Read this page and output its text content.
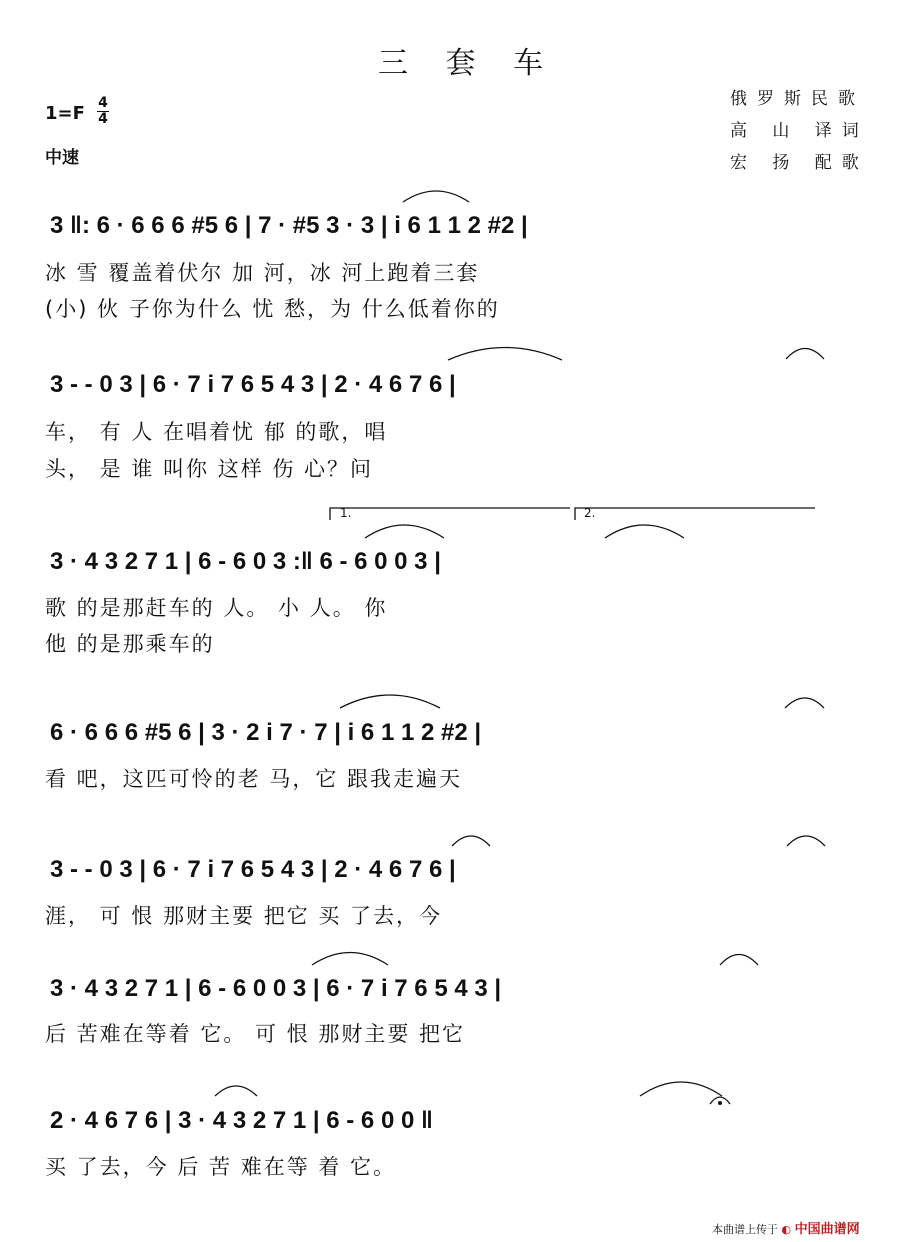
三 套 车
俄罗斯民歌
高 山 译词
宏 扬 配歌
1=F 4
4
中速
3 ‖: 6 · 6 6 6 #5 6 | 7 · #5 3 · 3 | i 6 1 1 2 #2 |
冰 雪 覆盖着伏尔 加 河，冰 河上跑着三套
(小) 伙 子你为什么 忧 愁，为 什么低着你的
3 - - 0 3 | 6 · 7 i 7 6 5 4 3 | 2 · 4 6 7 6 |
车， 有 人 在唱着忧 郁 的歌，唱
头， 是 谁 叫你 这样 伤 心？问
1.	2.
3 · 4 3 2 7 1 | 6 - 6 0 3 :‖ 6 - 6 0 0 3 |
歌 的是那赶车的 人。 小 人。 你
他 的是那乘车的
6 · 6 6 6 #5 6 | 3 · 2 i 7 · 7 | i 6 1 1 2 #2 |
看 吧，这匹可怜的老 马，它 跟我走遍天
3 - - 0 3 | 6 · 7 i 7 6 5 4 3 | 2 · 4 6 7 6 |
涯， 可 恨 那财主要 把它 买 了去，今
3 · 4 3 2 7 1 | 6 - 6 0 0 3 | 6 · 7 i 7 6 5 4 3 |
后 苦难在等着 它。 可 恨 那财主要 把它
2 · 4 6 7 6 | 3 · 4 3 2 7 1 | 6 - 6 0 0 ‖
买 了去，今 后 苦 难在等 着 它。
本曲谱上传于 ◐ 中国曲谱网
